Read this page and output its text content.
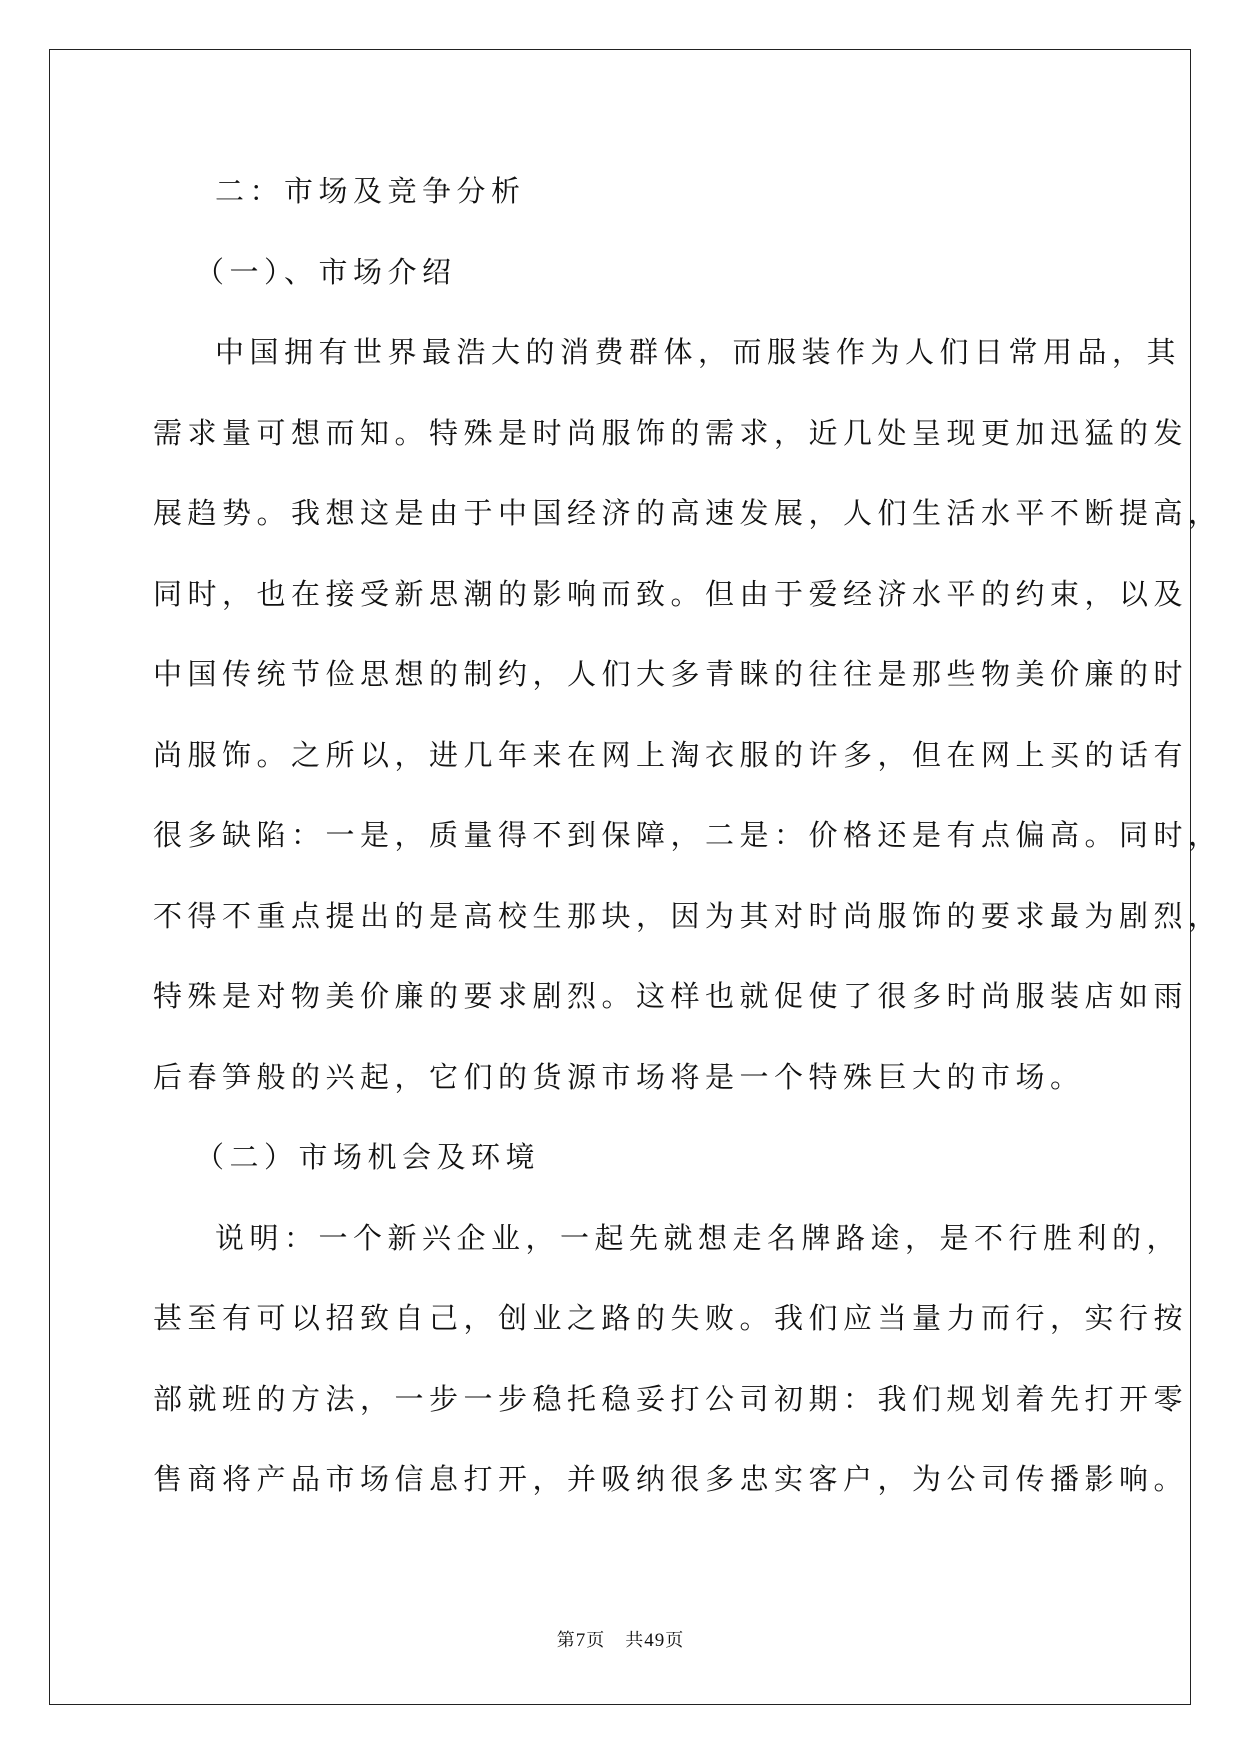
二：市场及竞争分析
（一）、市场介绍
中国拥有世界最浩大的消费群体，而服装作为人们日常用品，其
需求量可想而知。特殊是时尚服饰的需求，近几处呈现更加迅猛的发
展趋势。我想这是由于中国经济的高速发展，人们生活水平不断提高，
同时，也在接受新思潮的影响而致。但由于爱经济水平的约束，以及
中国传统节俭思想的制约，人们大多青睐的往往是那些物美价廉的时
尚服饰。之所以，进几年来在网上淘衣服的许多，但在网上买的话有
很多缺陷：一是，质量得不到保障，二是：价格还是有点偏高。同时，
不得不重点提出的是高校生那块，因为其对时尚服饰的要求最为剧烈，
特殊是对物美价廉的要求剧烈。这样也就促使了很多时尚服装店如雨
后春笋般的兴起，它们的货源市场将是一个特殊巨大的市场。
（二）市场机会及环境
说明：一个新兴企业，一起先就想走名牌路途，是不行胜利的，
甚至有可以招致自己，创业之路的失败。我们应当量力而行，实行按
部就班的方法，一步一步稳托稳妥打公司初期：我们规划着先打开零
售商将产品市场信息打开，并吸纳很多忠实客户，为公司传播影响。
第7页 共49页
